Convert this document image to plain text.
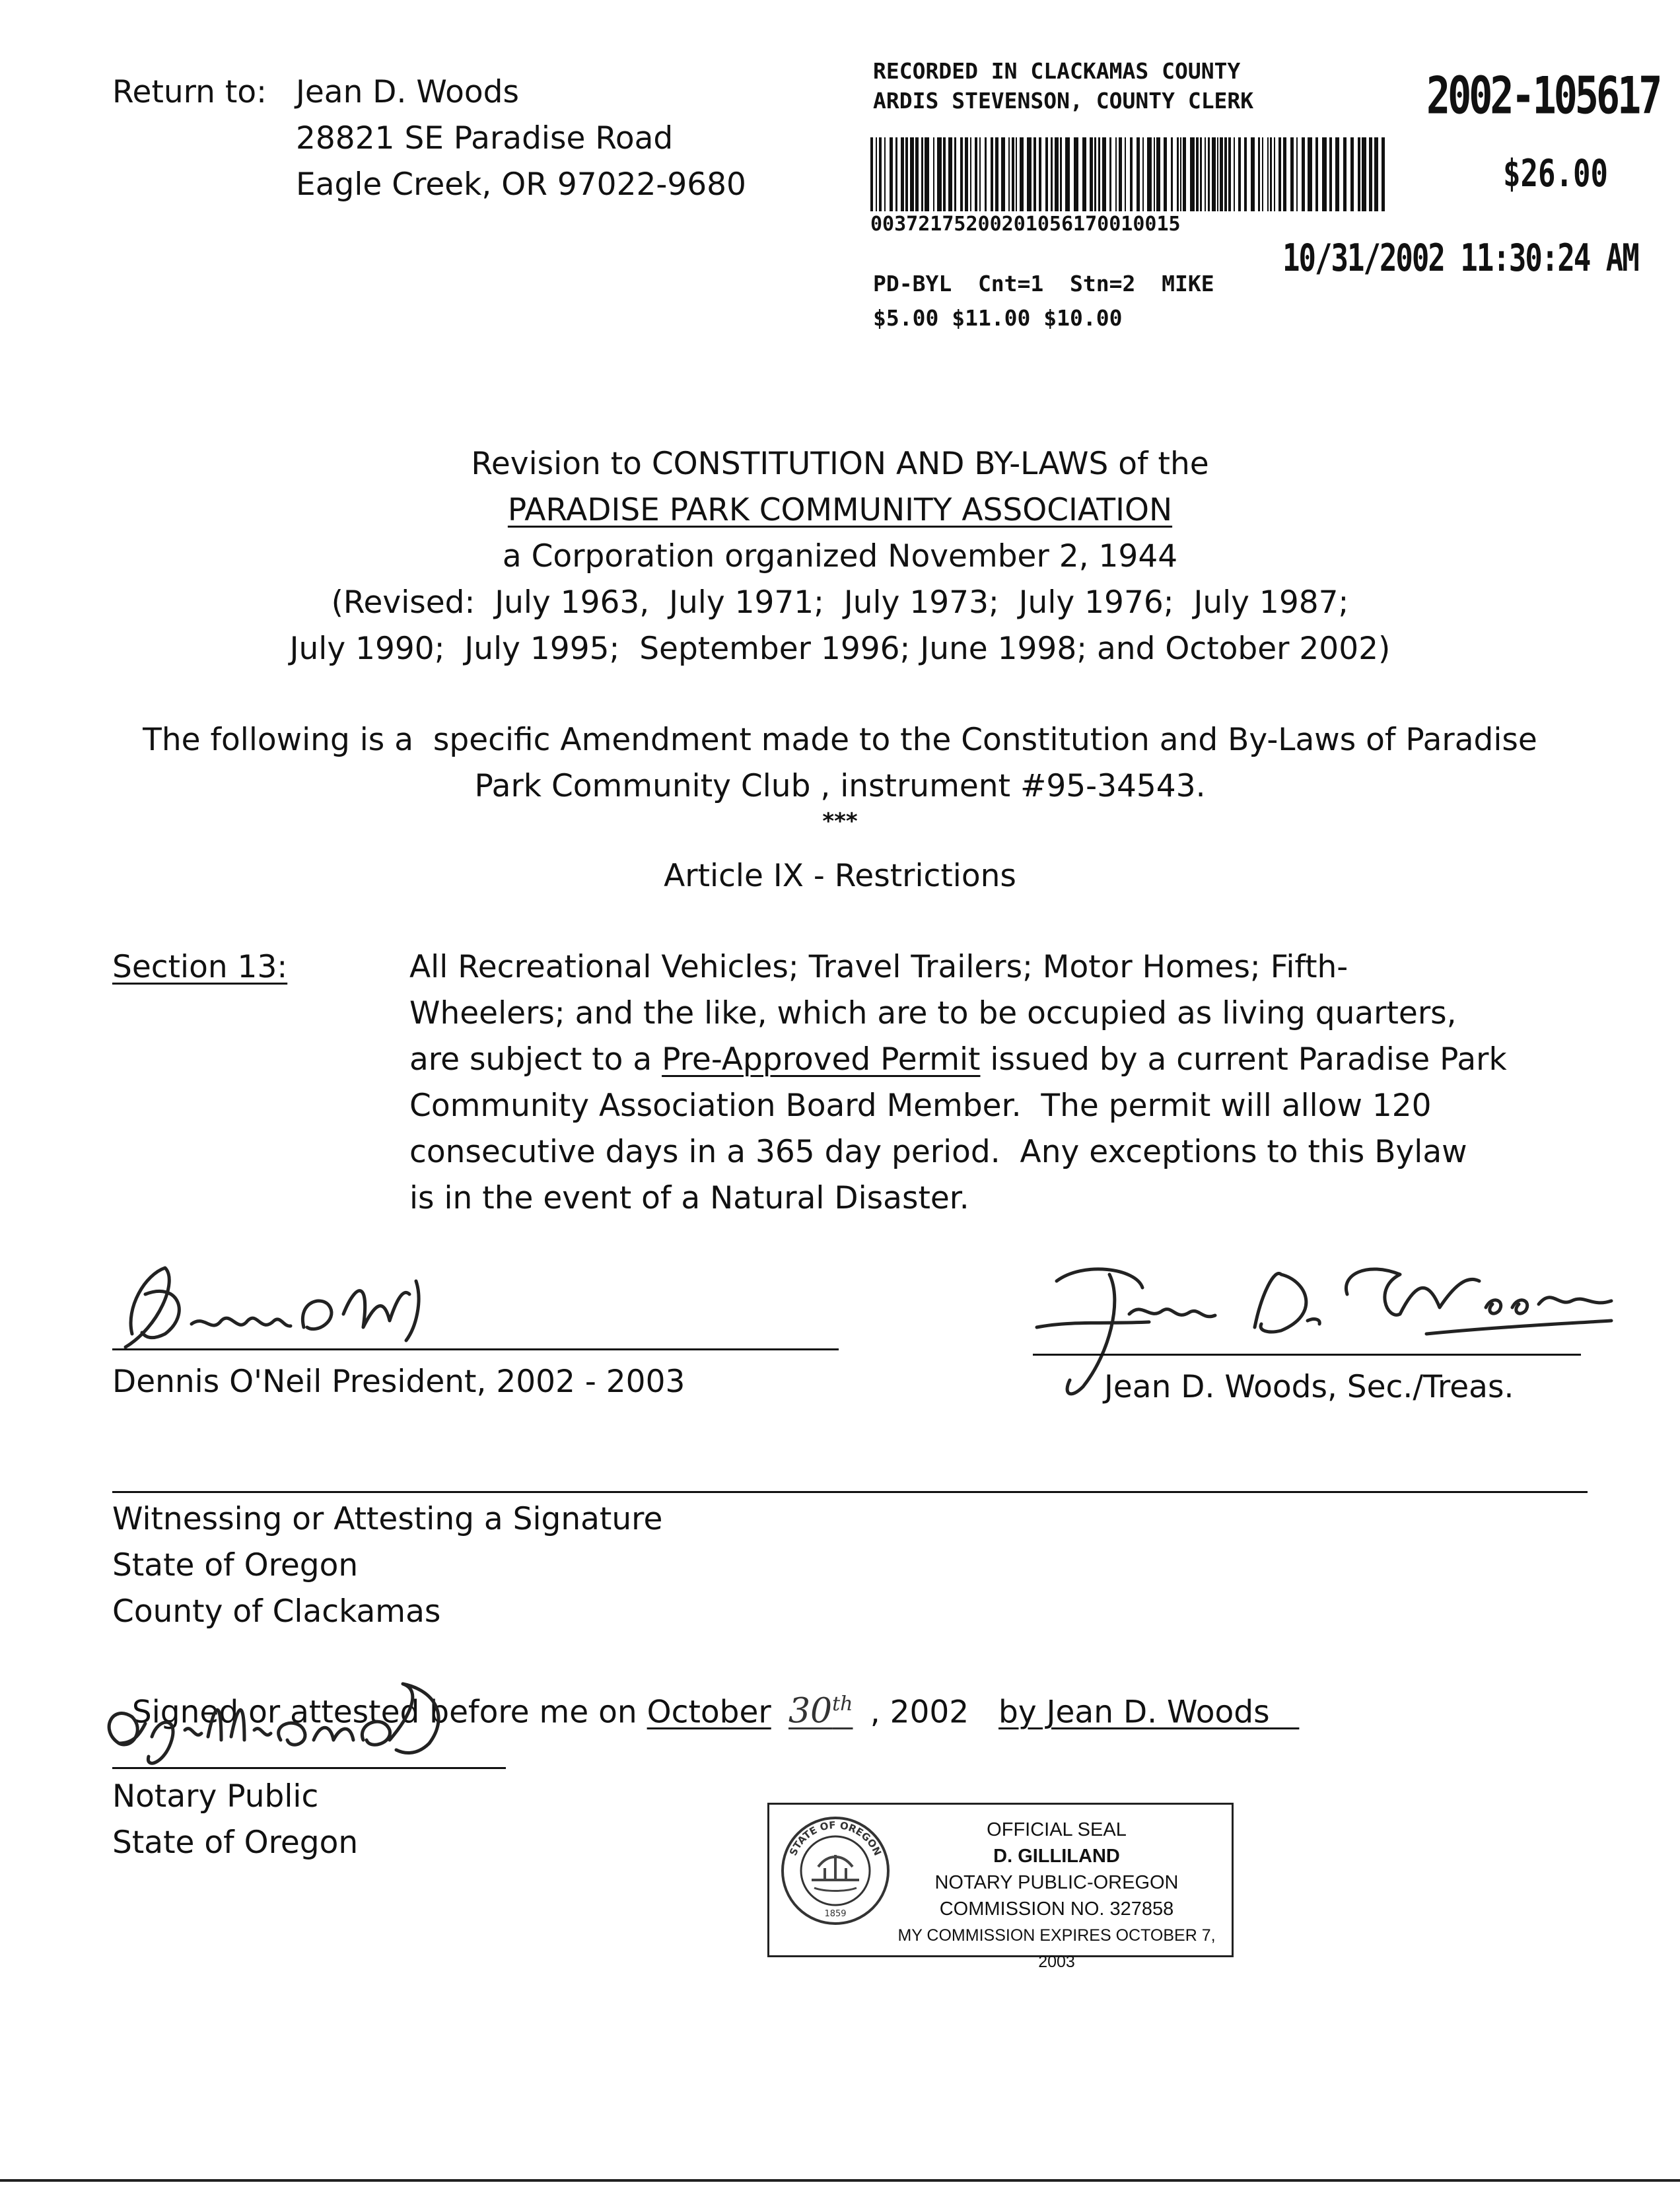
Return to: Jean D. Woods
28821 SE Paradise Road
Eagle Creek, OR 97022-9680
RECORDED IN CLACKAMAS COUNTY
ARDIS STEVENSON, COUNTY CLERK	2002-105617
$26.00
00372175200201056170010015
10/31/2002 11:30:24 AM
PD-BYL  Cnt=1  Stn=2  MIKE
$5.00 $11.00 $10.00
Revision to CONSTITUTION AND BY-LAWS of the
PARADISE PARK COMMUNITY ASSOCIATION
a Corporation organized November 2, 1944
(Revised:  July 1963,  July 1971;  July 1973;  July 1976;  July 1987;
July 1990;  July 1995;  September 1996; June 1998; and October 2002)
The following is a  specific Amendment made to the Constitution and By-Laws of Paradise
Park Community Club , instrument #95-34543.
***
Article IX - Restrictions
Section 13:	All Recreational Vehicles; Travel Trailers; Motor Homes; Fifth-
Wheelers; and the like, which are to be occupied as living quarters,
are subject to a Pre-Approved Permit issued by a current Paradise Park
Community Association Board Member.  The permit will allow 120
consecutive days in a 365 day period.  Any exceptions to this Bylaw
is in the event of a Natural Disaster.
Dennis O'Neil President, 2002 - 2003	Jean D. Woods, Sec./Treas.
Witnessing or Attesting a Signature
State of Oregon
County of Clackamas

Signed or attested before me on October 30th , 2002 by Jean D. Woods

Notary Public
State of Oregon	STATE OF OREGON
1859
OFFICIAL SEAL
D. GILLILAND
NOTARY PUBLIC-OREGON
COMMISSION NO. 327858
MY COMMISSION EXPIRES OCTOBER 7, 2003
